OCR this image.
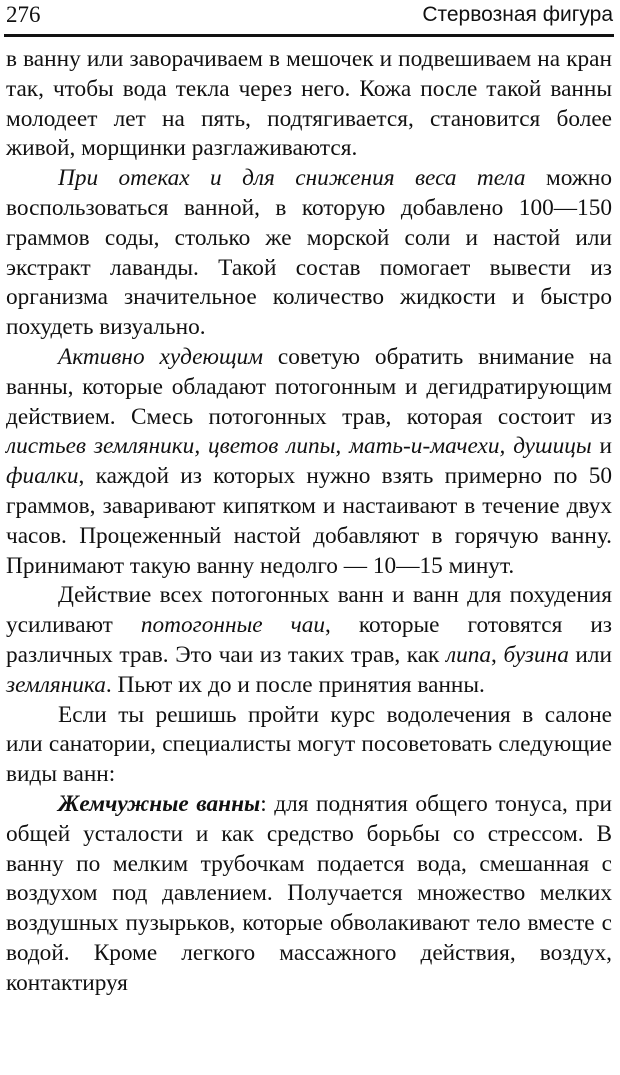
276	Стервозная фигура

в ванну или заворачиваем в мешочек и подвешиваем на кран так, чтобы вода текла через него. Кожа после такой ванны молодеет лет на пять, подтягивается, становится более живой, морщинки разглаживаются.

При отеках и для снижения веса тела можно воспользоваться ванной, в которую добавлено 100—150 граммов соды, столько же морской соли и настой или экстракт лаванды. Такой состав помогает вывести из организма значительное количество жидкости и быстро похудеть визуально.

Активно худеющим советую обратить внимание на ванны, которые обладают потогонным и дегидратирующим действием. Смесь потогонных трав, которая состоит из листьев земляники, цветов липы, мать-и-мачехи, душицы и фиалки, каждой из которых нужно взять примерно по 50 граммов, заваривают кипятком и настаивают в течение двух часов. Процеженный настой добавляют в горячую ванну. Принимают такую ванну недолго — 10—15 минут.

Действие всех потогонных ванн и ванн для похудения усиливают потогонные чаи, которые готовятся из различных трав. Это чаи из таких трав, как липа, бузина или земляника. Пьют их до и после принятия ванны.

Если ты решишь пройти курс водолечения в салоне или санатории, специалисты могут посоветовать следующие виды ванн:

Жемчужные ванны: для поднятия общего тонуса, при общей усталости и как средство борьбы со стрессом. В ванну по мелким трубочкам подается вода, смешанная с воздухом под давлением. Получается множество мелких воздушных пузырьков, которые обволакивают тело вместе с водой. Кроме легкого массажного действия, воздух, контактируя
